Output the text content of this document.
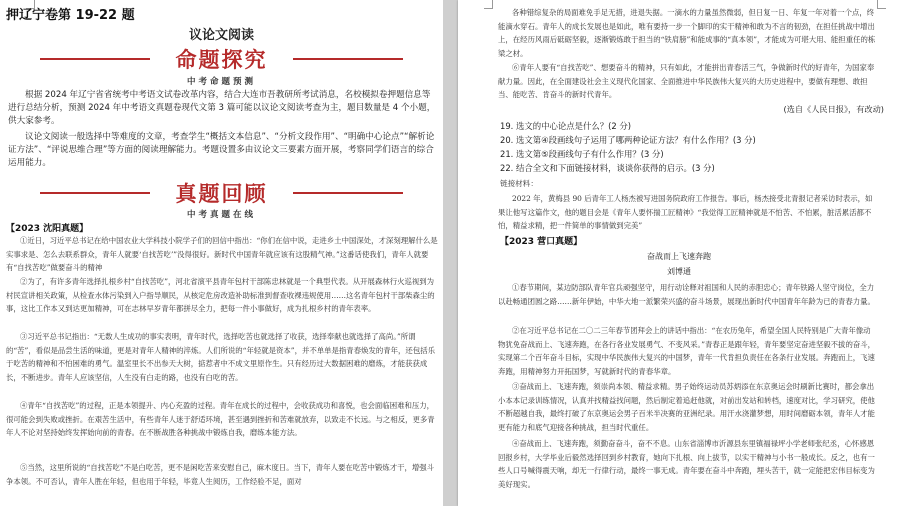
押辽宁卷第 19-22 题
议论文阅读
命题探究
中考命题预测

根据 2024 年辽宁省省统考中考语文试卷改革内容，结合大连市吾教研所考试消息，名校模拟卷押题信息等进行总结分析，预测 2024 年中考语文真题卷现代文第 3 篇可能以议论文阅读考查为主，题目数量是 4 个小题，供大家参考。

议论文阅读一般选择中等难度的文章，考查学生“概括文本信息”、“分析文段作用”、“明确中心论点”“解析论证方法”、“评说思维合理”等方面的阅读理解能力。考题设置多由议论文三要素方面开展，考察同学们语言的综合运用能力。

真题回顾
中考真题在线
【2023 沈阳真题】

①近日，习近平总书记在给中国农业大学科技小院学子们的回信中指出：“你们在信中说，走进乡土中国深处，才深刻理解什么是实事求是、怎么去联系群众，青年人就要‘自找苦吃’”没得很好。新时代中国青年就应该有这股精气神。”这番话使我们，青年人就要有“自找苦吃”做要奋斗的精神

②为了，有许多青年选择扎根乡村“自找苦吃”，河北省演平县青年包村干部陈忠林就是一个典型代表。从开展森林行火巡视到为村民宣讲相关政策，从检查水体污染到入户指导顺民，从核定危房改造补助标准到督查收裸违规使用……这名青年包村干部柴森尘的事，这比工作本又到达更加精神，可在志林早岁青年都拼尽全力，把每一件小事做好，成为扎根乡村的青年表率。

③习近平总书记指出：“无数人生成功的事实表明，青年时代，选择吃苦也就选择了收获，选择奉献也就选择了高尚。”所谓的“苦”，看似是品尝生活的味道，更是对青年人精神的淬炼。人们所说的“年轻就是资本”，并不单单是指青春焕发的青年，还包括乐于吃苦的精神和不怕困难的勇气。温室里长不出参天大树，掂惹者中不成文里原作生。只有经历过大数据困难的磨炼，才能获获成长，不断进步。青年人应该坚信，人生没有白走的路，也没有白吃的苦。

④青年“自找苦吃”的过程，正是本领提升、内心充盈的过程。青年在成长的过程中，会收获成功和喜悦，也会面临困难和压力，很可能会到失败或挫折。在艰苦生活中，有些青年人迷于舒适环境，甚至遇到挫折和苦难就放弃，以致走不长远。与之相反，更多青年人不论对坚持始终发挥始向前的青春。在不断战胜各种挑战中锻炼自我，磨练本能方法。

⑤当然，这里所说的“自找苦吃”不是白吃苦，更不是闲吃苦来安慰自己，麻木度日。当下，青年人要在吃苦中锻炼才干，增强斗争本领。不可否认，青年人胜在年轻，但也用于年轻，毕竟人生阅历，工作经验不足，面对

各种错综复杂的局面难免手足无措，进退失据。一滴水的力量虽然微弱，但日复一日、年复一年对着一个点，终能滴水穿石。青年人的成长发展也是如此，唯有要持一步一个脚印的实干精神和敢为不言的韧劲，在担任挑战中增出上，在经历风雨后砥砺坚毅，逐渐锻炼敢于担当的“铁肩膀”和能成事的“真本领”，才能成为可堪大用、能担重任的栋梁之材。

⑥青年人要有“自找苦吃”、想要奋斗的精神，只有如此，才能拼出青春活三气，争做新时代的好青年，为国家奉献力量。因此，在全面建设社会主义现代化国家、全面推进中华民族伟大复兴的大历史进程中，要做有理想、敢担当、能吃苦、肯奋斗的新时代青年。

(选自《人民日报》，有改动)
19. 选文的中心论点是什么？(2 分)
20. 选文第④段画线句子运用了哪两种论证方法？有什么作用？(3 分)
21. 选文第⑤段画线句子有什么作用？(3 分)
22. 结合全文和下面链接材料，谈谈你获得的启示。(3 分)
链接材料：

2022 年，黄梅县 90 后青年工人杨杰被写进国务院政府工作报告。事后，杨杰接受北青报记者采访时表示，如果让他写这篇作文，他的题目会是《青年人要怀揣工匠精神》“我觉得工匠精神就是不怕苦、不怕累，脏活累活都不怕，精益求精，把一件简单的事情做到完美”

【2023 营口真题】
奋战而上飞速奔跑
刘博通

①春节期间，某边防部队青年官兵顽强坚守，用行动诠释对祖国和人民的赤胆忠心；青年铁路人坚守岗位，全力以赴畅通团圆之路……新年伊始，中华大地一派繁荣兴盛的奋斗场景，展现出新时代中国青年年龄为已的青春力量。

②在习近平总书记在二〇二三年春节团拜会上的讲话中指出：“在农历兔年，希望全国人民特别是广大青年像动物犹免奋战而上、飞速奔跑，在各行各业发展勇气、不变风采。”青春正是跟年轻，青年要坚定奋进坚毅不拔的奋斗，实现第二个百年奋斗目标，实现中华民族伟大复兴的中国梦，青年一代肯担负责任在各条行业发展。奔跑而上，飞速奔跑，用精神努力开拓国梦，写就新时代的青春华章。

③奋战而上、飞速奔跑，须崇尚本领、精益求精。男子始终运动员苏炳添在东京奥运会时刷新比赛时，都会拿出小本本记录训练情况，认真并找精益找问题，然后制定着追赶他就，对前出发站和转档，速度对比，学习研究，使他不断超越自我，最终打破了东京奥运会男子百米半决赛的亚洲纪录。用汗水浇灌梦想，用时间磨砺本领，青年人才能更有能力和底气迎接各种挑战，担当时代重任。

④奋战而上、飞速奔跑，须勤奋奋斗，奋不不息。山东省淄博市沂源县东里镇福禄坪小学老师张纪丞，心怀感恩回报乡村，大学毕业后毅然选择回到乡村教育，她向下扎根、向上拔节，以实干精神与小书一般成长。反之，也有一些人口号喊得震天响，却无一行律行动，最终一事无成。青年要在奋斗中奔跑，埋头苦干，就一定能把宏伟目标变为美好现实。
